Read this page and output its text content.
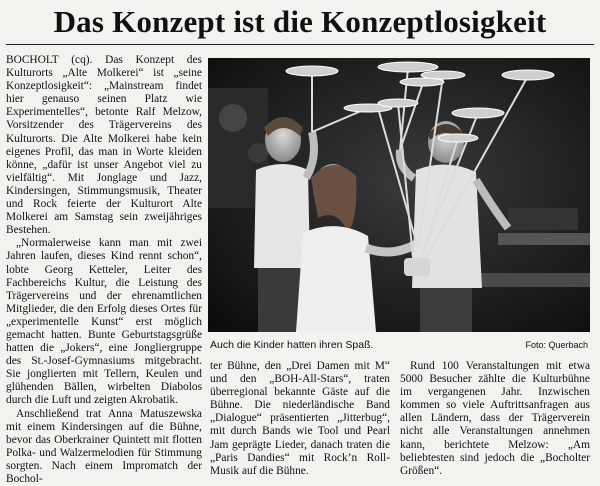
Das Konzept ist die Konzeptlosigkeit

BOCHOLT (cq). Das Konzept des Kulturorts „Alte Molkerei“ ist „seine Konzeptlosigkeit“: „Mainstream findet hier genauso seinen Platz wie Experimentelles“, betonte Ralf Melzow, Vorsitzender des Trägervereins des Kulturorts. Die Alte Molkerei habe kein eigenes Profil, das man in Worte kleiden könne, „dafür ist unser Angebot viel zu vielfältig“. Mit Jonglage und Jazz, Kindersingen, Stimmungsmusik, Theater und Rock feierte der Kulturort Alte Molkerei am Samstag sein zweijähriges Bestehen.

„Normalerweise kann man mit zwei Jahren laufen, dieses Kind rennt schon“, lobte Georg Ketteler, Leiter des Fachbereichs Kultur, die Leistung des Trägervereins und der ehrenamtlichen Mitglieder, die den Erfolg dieses Ortes für „experimentelle Kunst“ erst möglich gemacht hatten. Bunte Geburtstagsgrüße hatten die „Jokers“, eine Jongliergruppe des St.-Josef-Gymnasiums mitgebracht. Sie jonglierten mit Tellern, Keulen und glühenden Bällen, wirbelten Diabolos durch die Luft und zeigten Akrobatik.

Anschließend trat Anna Matuszewska mit einem Kindersingen auf die Bühne, bevor das Oberkrainer Quintett mit flotten Polka- und Walzermelodien für Stimmung sorgten. Nach einem Impromatch der Bochol-

Auch die Kinder hatten ihren Spaß.	Foto: Querbach

ter Bühne, den „Drei Damen mit M“ und den „BOH-All-Stars“, traten überregional bekannte Gäste auf die Bühne. Die niederländische Band „Dialogue“ präsentierten „Jitterbug“, mit durch Bands wie Tool und Pearl Jam geprägte Lieder, danach traten die „Paris Dandies“ mit Rock’n Roll-Musik auf die Bühne.

Rund 100 Veranstaltungen mit etwa 5000 Besucher zählte die Kulturbühne im vergangenen Jahr. Inzwischen kommen so viele Auftrittsanfragen aus allen Ländern, dass der Trägerverein nicht alle Veranstaltungen annehmen kann, berichtete Melzow: „Am beliebtesten sind jedoch die „Bocholter Größen“.
